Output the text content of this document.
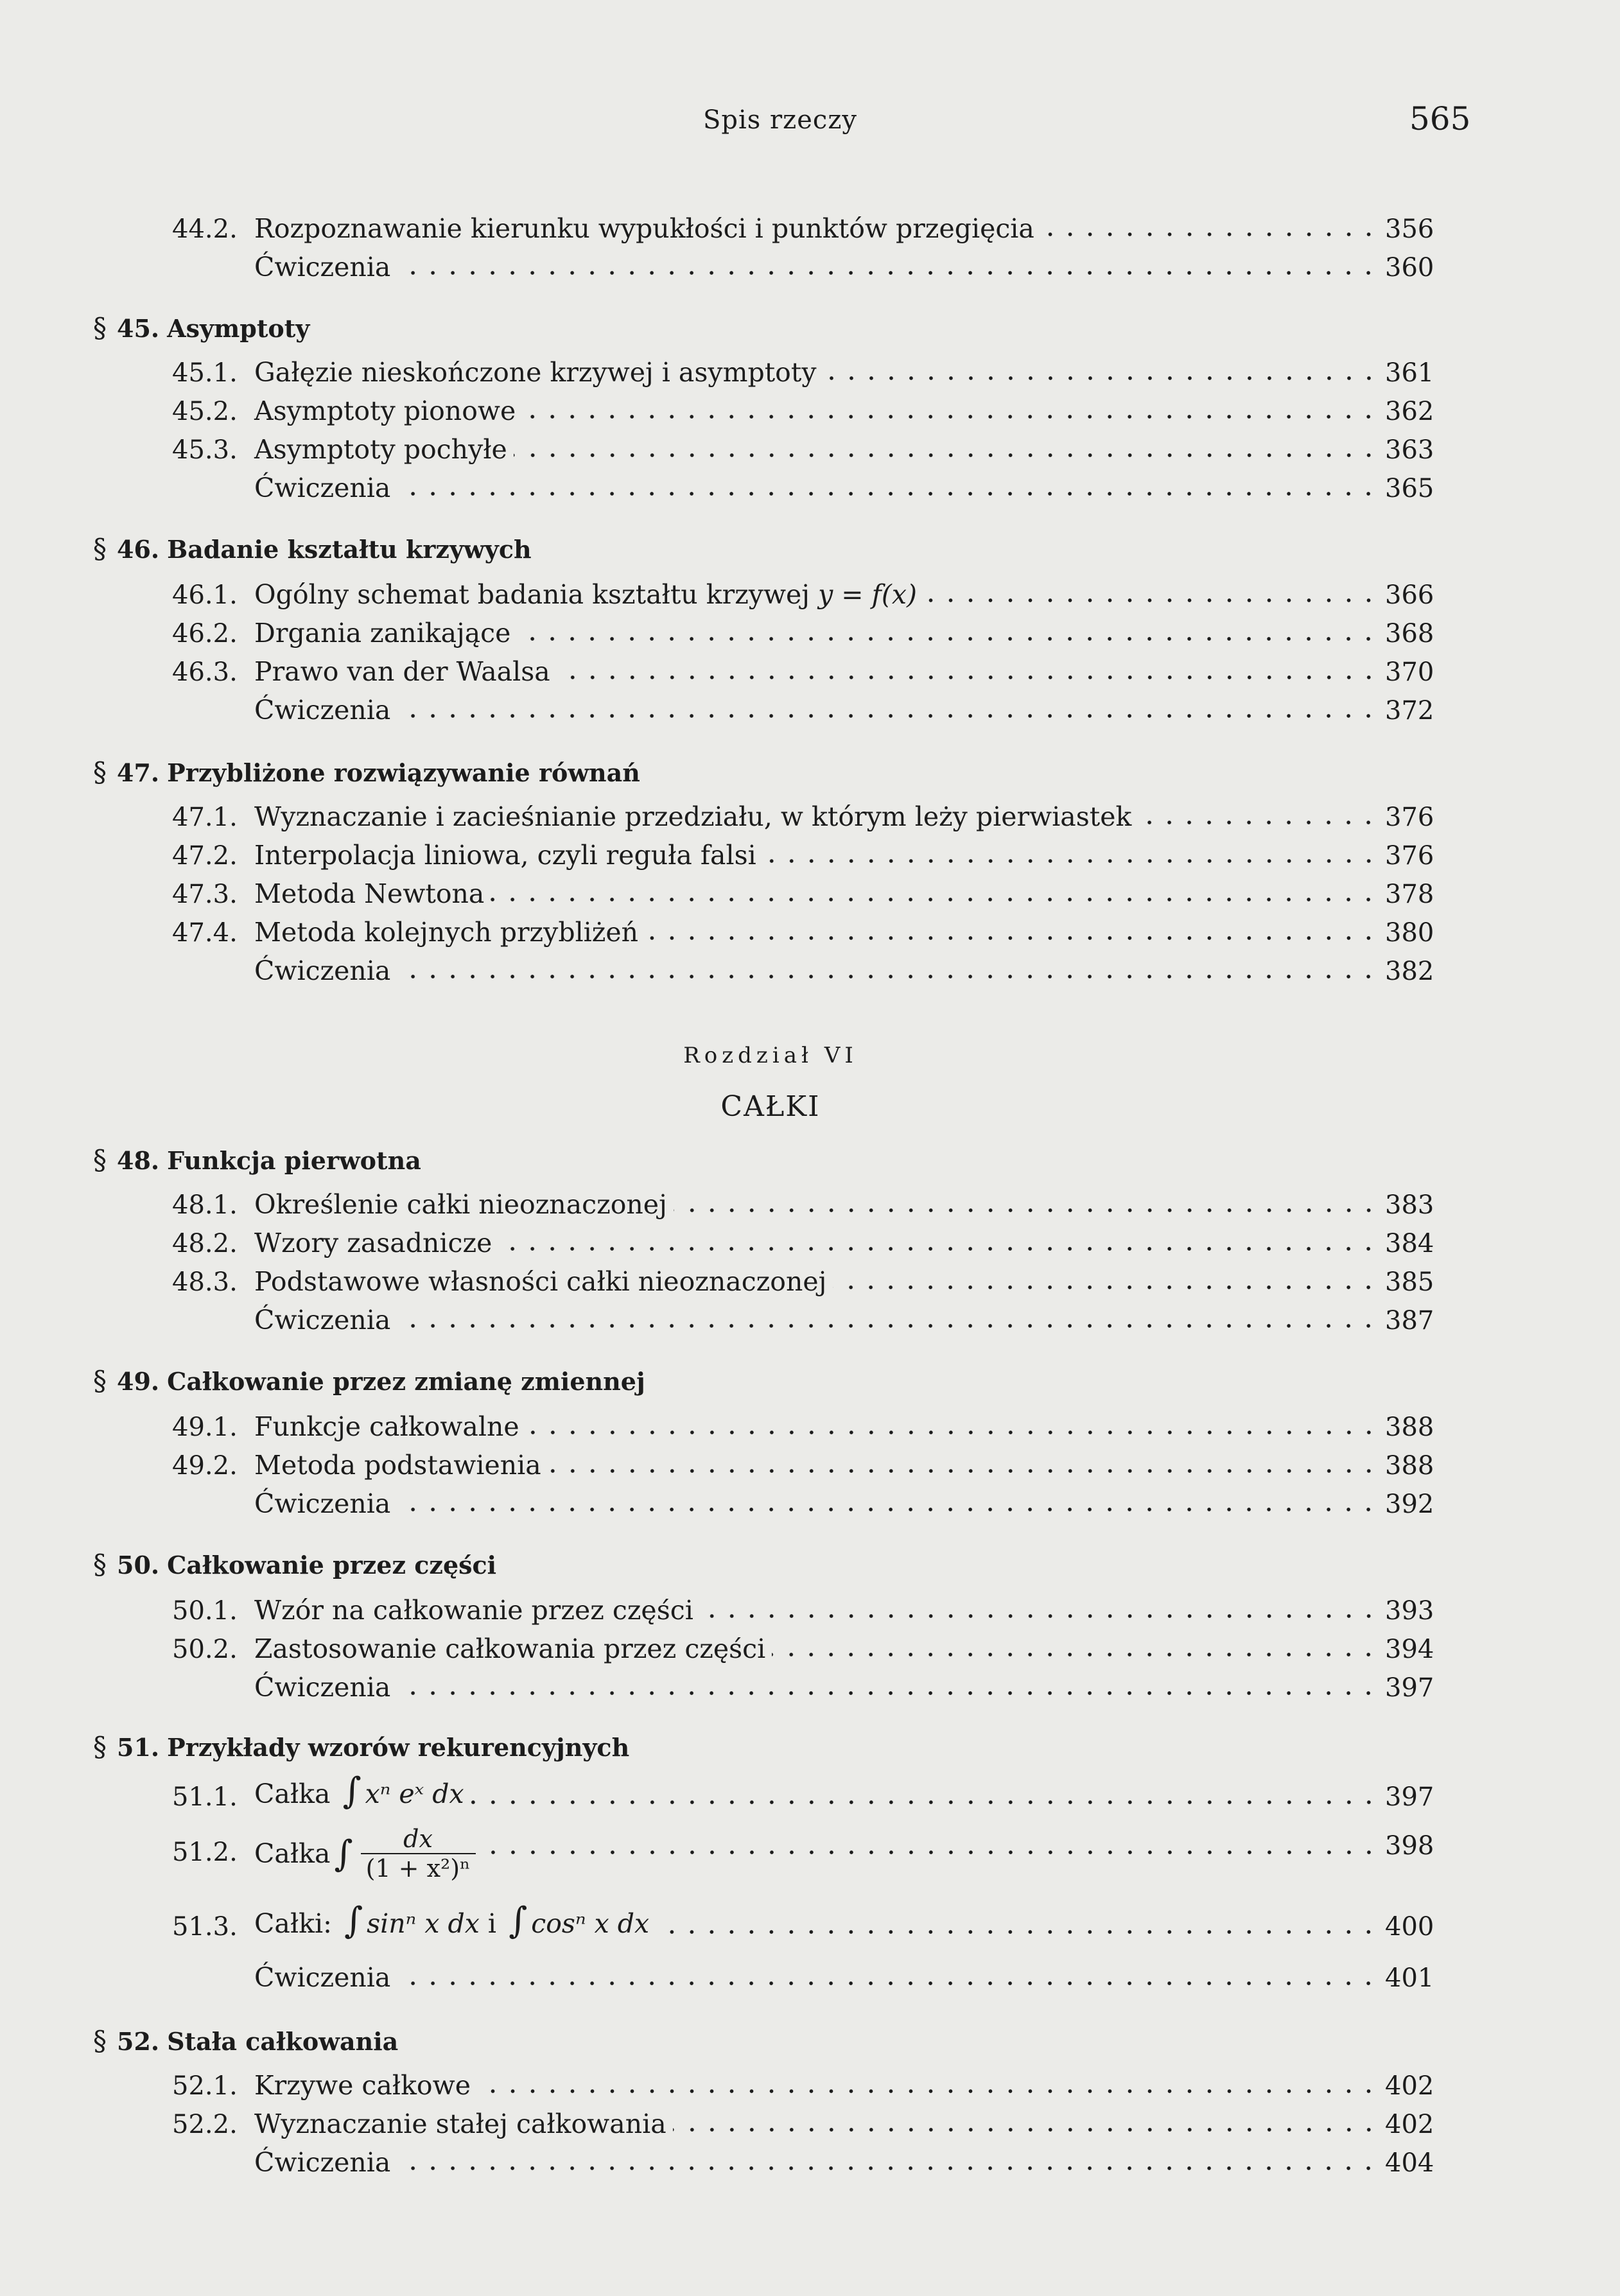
Spis rzeczy	565
44.2. Rozpoznawanie kierunku wypukłości i punktów przegięcia	356
Ćwiczenia	360
§ 45. Asymptoty
45.1. Gałęzie nieskończone krzywej i asymptoty	361
45.2. Asymptoty pionowe	362
45.3. Asymptoty pochyłe	363
Ćwiczenia	365
§ 46. Badanie kształtu krzywych
46.1. Ogólny schemat badania kształtu krzywej y = f(x)	366
46.2. Drgania zanikające	368
46.3. Prawo van der Waalsa	370
Ćwiczenia	372
§ 47. Przybliżone rozwiązywanie równań
47.1. Wyznaczanie i zacieśnianie przedziału, w którym leży pierwiastek	376
47.2. Interpolacja liniowa, czyli reguła falsi	376
47.3. Metoda Newtona	378
47.4. Metoda kolejnych przybliżeń	380
Ćwiczenia	382
Rozdział VI
CAŁKI
§ 48. Funkcja pierwotna
48.1. Określenie całki nieoznaczonej	383
48.2. Wzory zasadnicze	384
48.3. Podstawowe własności całki nieoznaczonej	385
Ćwiczenia	387
§ 49. Całkowanie przez zmianę zmiennej
49.1. Funkcje całkowalne	388
49.2. Metoda podstawienia	388
Ćwiczenia	392
§ 50. Całkowanie przez części
50.1. Wzór na całkowanie przez części	393
50.2. Zastosowanie całkowania przez części	394
Ćwiczenia	397
§ 51. Przykłady wzorów rekurencyjnych
51.1. Całka ∫ xⁿ eˣ dx	397
51.2. Całka ∫ $\frac{dx}{\text{(1 + x²)ⁿ}}$	398
51.3. Całki: ∫ sinⁿ x dx i ∫ cosⁿ x dx	400
Ćwiczenia	401
§ 52. Stała całkowania
52.1. Krzywe całkowe	402
52.2. Wyznaczanie stałej całkowania	402
Ćwiczenia	404
